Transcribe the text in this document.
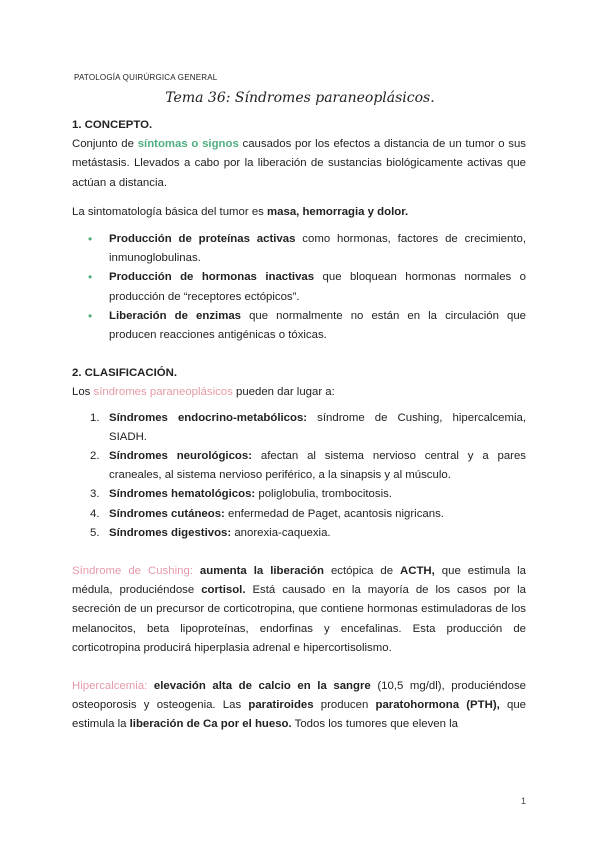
PATOLOGÍA QUIRÚRGICA GENERAL
Tema 36: Síndromes paraneoplásicos.

1. CONCEPTO.

Conjunto de síntomas o signos causados por los efectos a distancia de un tumor o sus metástasis. Llevados a cabo por la liberación de sustancias biológicamente activas que actúan a distancia.

La sintomatología básica del tumor es masa, hemorragia y dolor.

• Producción de proteínas activas como hormonas, factores de crecimiento, inmunoglobulinas.
• Producción de hormonas inactivas que bloquean hormonas normales o producción de “receptores ectópicos”.
• Liberación de enzimas que normalmente no están en la circulación que producen reacciones antigénicas o tóxicas.

2. CLASIFICACIÓN.

Los síndromes paraneoplásicos pueden dar lugar a:

1. Síndromes endocrino-metabólicos: síndrome de Cushing, hipercalcemia, SIADH.
2. Síndromes neurológicos: afectan al sistema nervioso central y a pares craneales, al sistema nervioso periférico, a la sinapsis y al músculo.
3. Síndromes hematológicos: poliglobulia, trombocitosis.
4. Síndromes cutáneos: enfermedad de Paget, acantosis nigricans.
5. Síndromes digestivos: anorexia-caquexia.

Síndrome de Cushing: aumenta la liberación ectópica de ACTH, que estimula la médula, produciéndose cortisol. Está causado en la mayoría de los casos por la secreción de un precursor de corticotropina, que contiene hormonas estimuladoras de los melanocitos, beta lipoproteínas, endorfinas y encefalinas. Esta producción de corticotropina producirá hiperplasia adrenal e hipercortisolismo.

Hipercalcemia: elevación alta de calcio en la sangre (10,5 mg/dl), produciéndose osteoporosis y osteogenia. Las paratiroides producen paratohormona (PTH), que estimula la liberación de Ca por el hueso. Todos los tumores que eleven la

1
